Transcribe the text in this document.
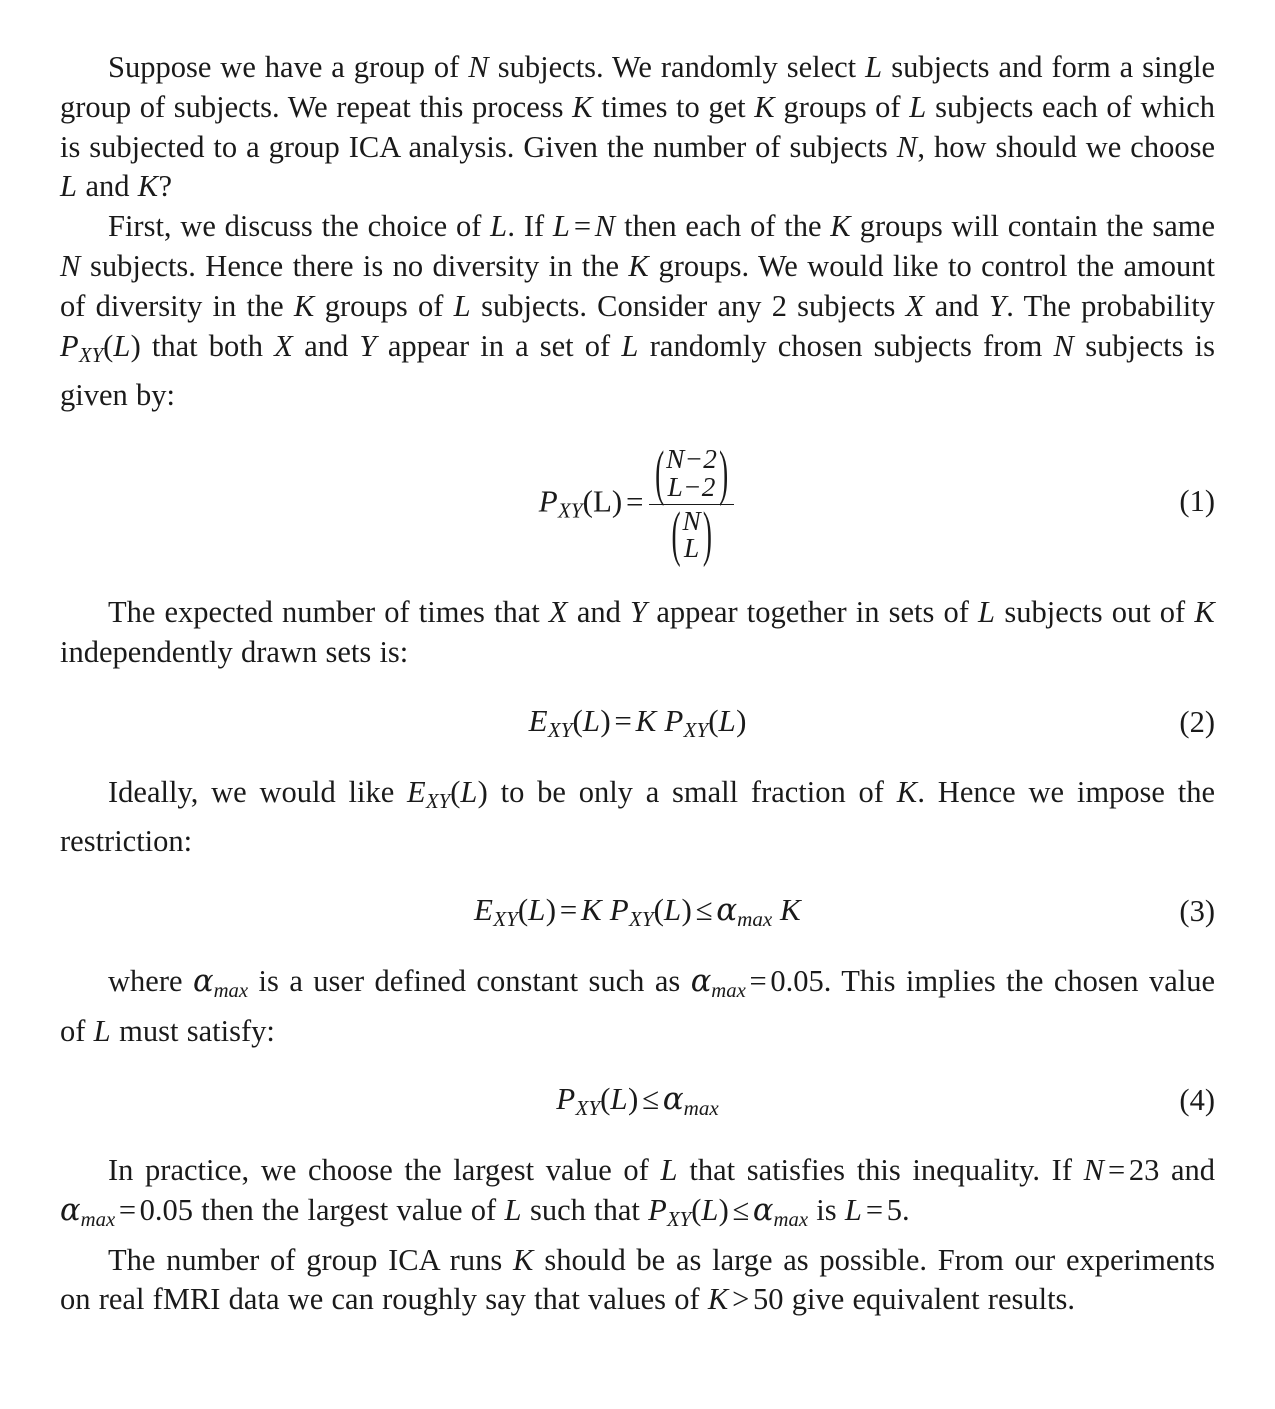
Suppose we have a group of N subjects. We randomly select L subjects and form a single group of subjects. We repeat this process K times to get K groups of L subjects each of which is subjected to a group ICA analysis. Given the number of subjects N, how should we choose L and K?

First, we discuss the choice of L. If L = N then each of the K groups will contain the same N subjects. Hence there is no diversity in the K groups. We would like to control the amount of diversity in the K groups of L subjects. Consider any 2 subjects X and Y. The probability $P_{XY}(L)$ that both X and Y appear in a set of L randomly chosen subjects from N subjects is given by:

$P_{XY}(L)$ = ( N−2
L−2 )
( N
L )	(1)

The expected number of times that X and Y appear together in sets of L subjects out of K independently drawn sets is:

$E_{XY}(L) = K$ $P_{XY}(L)$	(2)

Ideally, we would like $E_{XY}(L)$ to be only a small fraction of K. Hence we impose the restriction:

$E_{XY}(L) = K$ $P_{XY}(L) \le \alpha_{max}$ K	(3)

where $\alpha_{max}$ is a user defined constant such as $\alpha_{max} = 0.05$. This implies the chosen value of L must satisfy:

$P_{XY}(L) \le \alpha_{max}$	(4)

In practice, we choose the largest value of L that satisfies this inequality. If N = 23 and $\alpha_{max} = 0.05$ then the largest value of L such that $P_{XY}(L) \le \alpha_{max}$ is L = 5.

The number of group ICA runs K should be as large as possible. From our experiments on real fMRI data we can roughly say that values of K > 50 give equivalent results.
